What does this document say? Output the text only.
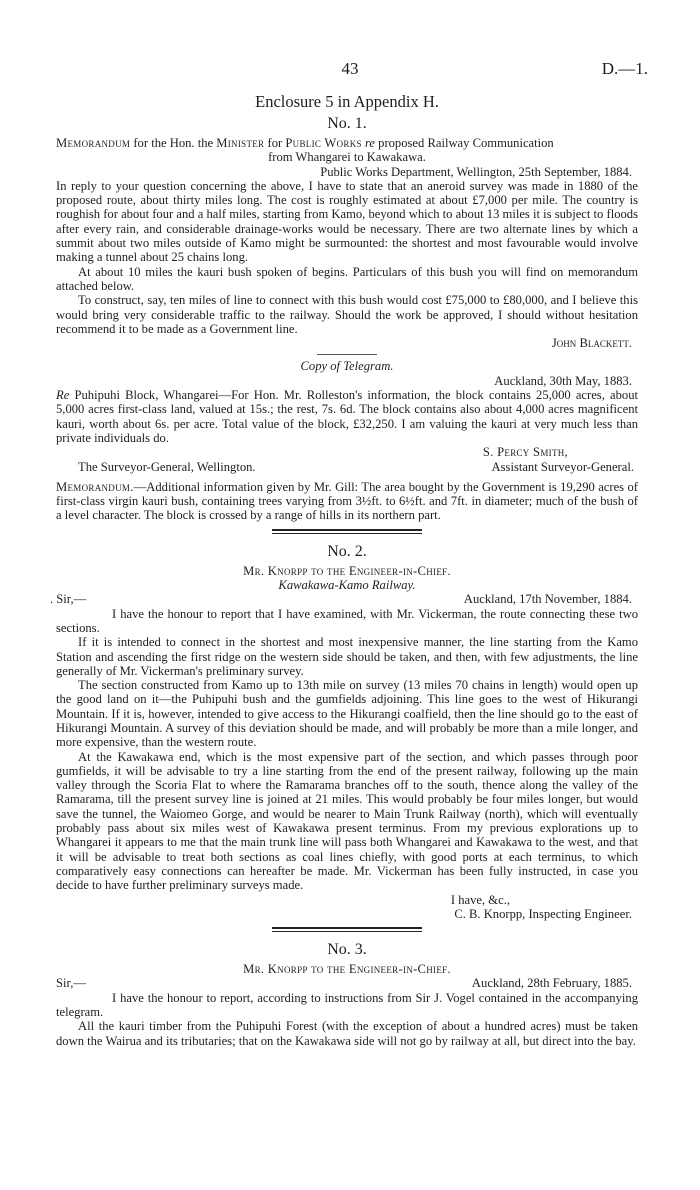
43	D.—1.
Enclosure 5 in Appendix H.
No. 1.

Memorandum for the Hon. the Minister for Public Works re proposed Railway Communication
from Whangarei to Kawakawa.

Public Works Department, Wellington, 25th September, 1884.

In reply to your question concerning the above, I have to state that an aneroid survey was made in 1880 of the proposed route, about thirty miles long. The cost is roughly estimated at about £7,000 per mile. The country is roughish for about four and a half miles, starting from Kamo, beyond which to about 13 miles it is subject to floods after every rain, and considerable drainage-works would be necessary. There are two alternate lines by which a summit about two miles outside of Kamo might be surmounted: the shortest and most favourable would involve making a tunnel about 25 chains long.

At about 10 miles the kauri bush spoken of begins. Particulars of this bush you will find on memorandum attached below.

To construct, say, ten miles of line to connect with this bush would cost £75,000 to £80,000, and I believe this would bring very considerable traffic to the railway. Should the work be approved, I should without hesitation recommend it to be made as a Government line.

John Blackett.

Copy of Telegram.

Auckland, 30th May, 1883.

Re Puhipuhi Block, Whangarei—For Hon. Mr. Rolleston's information, the block contains 25,000 acres, about 5,000 acres first-class land, valued at 15s.; the rest, 7s. 6d. The block contains also about 4,000 acres magnificent kauri, worth about 6s. per acre. Total value of the block, £32,250. I am valuing the kauri at very much less than private individuals do.

S. Percy Smith,

The Surveyor-General, Wellington.	Assistant Surveyor-General.

Memorandum.—Additional information given by Mr. Gill: The area bought by the Government is 19,290 acres of first-class virgin kauri bush, containing trees varying from 3½ft. to 6½ft. and 7ft. in diameter; much of the bush of a level character. The block is crossed by a range of hills in its northern part.

No. 2.

Mr. Knorpp to the Engineer-in-Chief.

Kawakawa-Kamo Railway.

. Sir,—	Auckland, 17th November, 1884.

I have the honour to report that I have examined, with Mr. Vickerman, the route connecting these two sections.

If it is intended to connect in the shortest and most inexpensive manner, the line starting from the Kamo Station and ascending the first ridge on the western side should be taken, and then, with few adjustments, the line generally of Mr. Vickerman's preliminary survey.

The section constructed from Kamo up to 13th mile on survey (13 miles 70 chains in length) would open up the good land on it—the Puhipuhi bush and the gumfields adjoining. This line goes to the west of Hikurangi Mountain. If it is, however, intended to give access to the Hikurangi coalfield, then the line should go to the east of Hikurangi Mountain. A survey of this deviation should be made, and will probably be more than a mile longer, and more expensive, than the western route.

At the Kawakawa end, which is the most expensive part of the section, and which passes through poor gumfields, it will be advisable to try a line starting from the end of the present railway, following up the main valley through the Scoria Flat to where the Ramarama branches off to the south, thence along the valley of the Ramarama, till the present survey line is joined at 21 miles. This would probably be four miles longer, but would save the tunnel, the Waiomeo Gorge, and would be nearer to Main Trunk Railway (north), which will eventually probably pass about six miles west of Kawakawa present terminus. From my previous explorations up to Whangarei it appears to me that the main trunk line will pass both Whangarei and Kawakawa to the west, and that it will be advisable to treat both sections as coal lines chiefly, with good ports at each terminus, to which comparatively easy connections can hereafter be made. Mr. Vickerman has been fully instructed, in case you decide to have further preliminary surveys made.

I have, &c.,

C. B. Knorpp, Inspecting Engineer.

No. 3.

Mr. Knorpp to the Engineer-in-Chief.

Sir,—	Auckland, 28th February, 1885.

I have the honour to report, according to instructions from Sir J. Vogel contained in the accompanying telegram.

All the kauri timber from the Puhipuhi Forest (with the exception of about a hundred acres) must be taken down the Wairua and its tributaries; that on the Kawakawa side will not go by railway at all, but direct into the bay.
